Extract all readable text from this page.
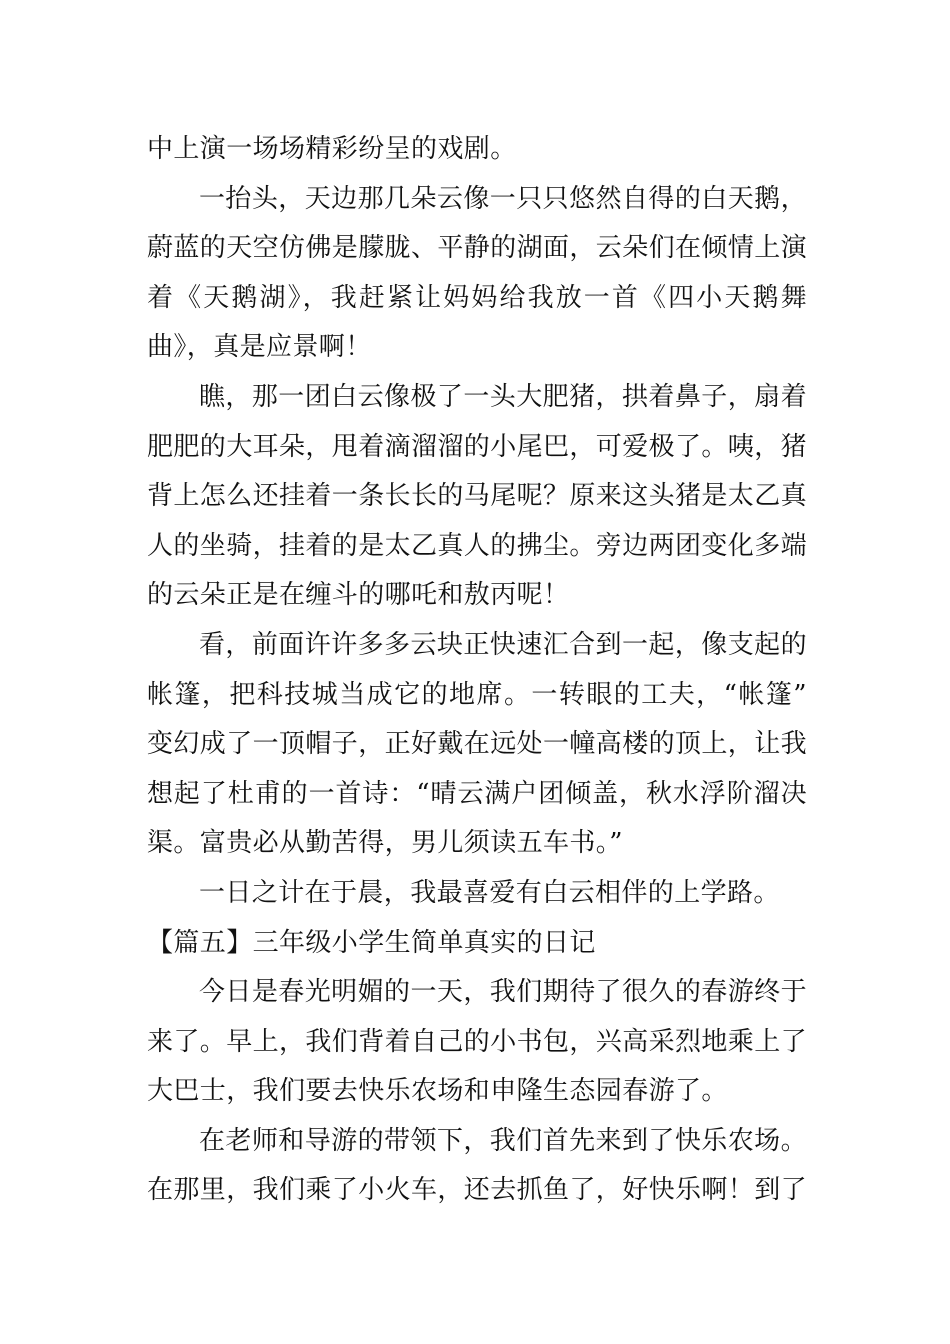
中上演一场场精彩纷呈的戏剧。
一抬头，天边那几朵云像一只只悠然自得的白天鹅，
蔚蓝的天空仿佛是朦胧、平静的湖面，云朵们在倾情上演
着《天鹅湖》，我赶紧让妈妈给我放一首《四小天鹅舞
曲》，真是应景啊！
瞧，那一团白云像极了一头大肥猪，拱着鼻子，扇着
肥肥的大耳朵，甩着滴溜溜的小尾巴，可爱极了。咦，猪
背上怎么还挂着一条长长的马尾呢？原来这头猪是太乙真
人的坐骑，挂着的是太乙真人的拂尘。旁边两团变化多端
的云朵正是在缠斗的哪吒和敖丙呢！
看，前面许许多多云块正快速汇合到一起，像支起的
帐篷，把科技城当成它的地席。一转眼的工夫，“帐篷”
变幻成了一顶帽子，正好戴在远处一幢高楼的顶上，让我
想起了杜甫的一首诗：“晴云满户团倾盖，秋水浮阶溜决
渠。富贵必从勤苦得，男儿须读五车书。”
一日之计在于晨，我最喜爱有白云相伴的上学路。
【篇五】三年级小学生简单真实的日记
今日是春光明媚的一天，我们期待了很久的春游终于
来了。早上，我们背着自己的小书包，兴高采烈地乘上了
大巴士，我们要去快乐农场和申隆生态园春游了。
在老师和导游的带领下，我们首先来到了快乐农场。
在那里，我们乘了小火车，还去抓鱼了，好快乐啊！到了
